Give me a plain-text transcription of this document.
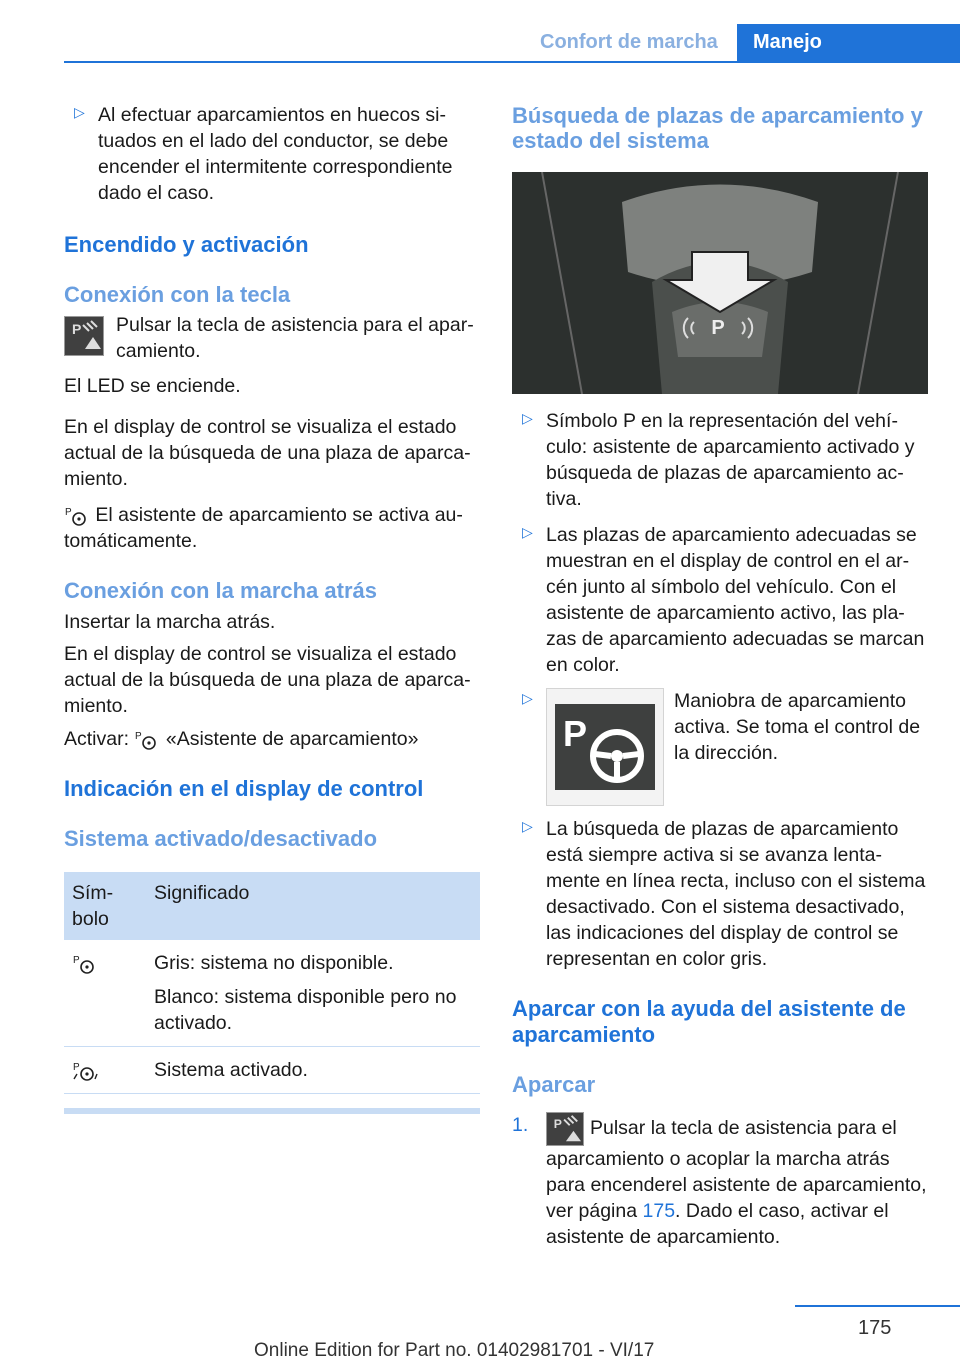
Confort de marcha	Manejo
▷ Al efectuar aparcamientos en huecos situados en el lado del conductor, se debe encender el intermitente correspondiente dado el caso.

Encendido y activación
Conexión con la tecla
P Pulsar la tecla de asistencia para el aparcamiento.

El LED se enciende.

En el display de control se visualiza el estado actual de la búsqueda de una plaza de aparcamiento.

P El asistente de aparcamiento se activa automáticamente.

Conexión con la marcha atrás

Insertar la marcha atrás.

En el display de control se visualiza el estado actual de la búsqueda de una plaza de aparcamiento.

Activar: P «Asistente de aparcamiento»

Indicación en el display de control
Sistema activado/desactivado
Símbolo	Significado

P	Gris: sistema no disponible.

Blanco: sistema disponible pero no activado.

P	Sistema activado.
Búsqueda de plazas de aparcamiento y estado del sistema
P
▷ Símbolo P en la representación del vehículo: asistente de aparcamiento activado y búsqueda de plazas de aparcamiento activa.

▷ Las plazas de aparcamiento adecuadas se muestran en el display de control en el arcén junto al símbolo del vehículo. Con el asistente de aparcamiento activo, las plazas de aparcamiento adecuadas se marcan en color.

▷
P

Maniobra de aparcamiento activa. Se toma el control de la dirección.

▷ La búsqueda de plazas de aparcamiento está siempre activa si se avanza lentamente en línea recta, incluso con el sistema desactivado. Con el sistema desactivado, las indicaciones del display de control se representan en color gris.

Aparcar con la ayuda del asistente de aparcamiento
Aparcar
1. P Pulsar la tecla de asistencia para el aparcamiento o acoplar la marcha atrás para encenderel asistente de aparcamiento, ver página 175. Dado el caso, activar el asistente de aparcamiento.

175
Online Edition for Part no. 01402981701 - VI/17
